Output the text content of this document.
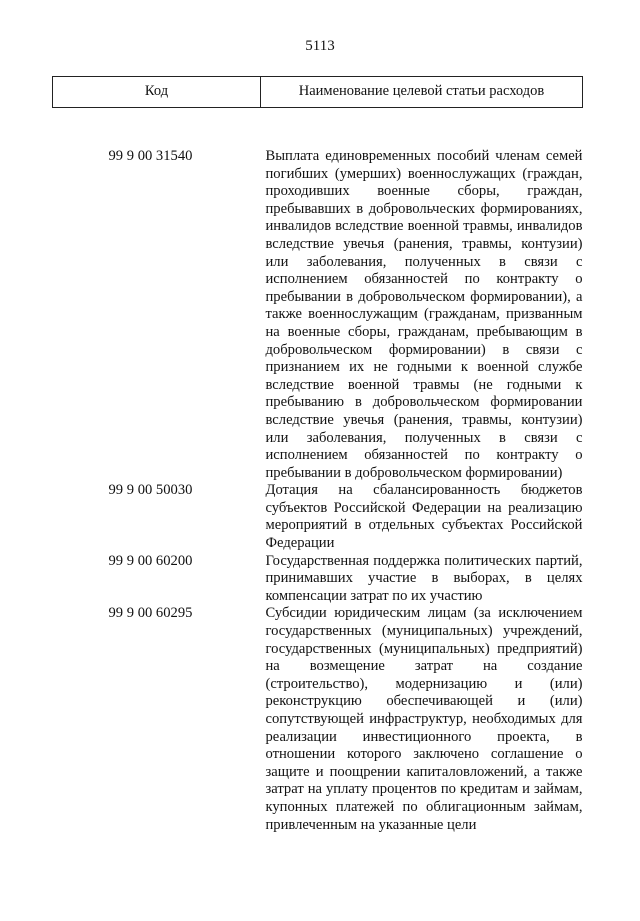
5113
Код	Наименование целевой статьи расходов

99 9 00 31540	Выплата единовременных пособий членам семей погибших (умерших) военнослужащих (граждан, проходивших военные сборы, граждан, пребывавших в добровольческих формированиях, инвалидов вследствие военной травмы, инвалидов вследствие увечья (ранения, травмы, контузии) или заболевания, полученных в связи с исполнением обязанностей по контракту о пребывании в добровольческом формировании), а также военнослужащим (гражданам, призванным на военные сборы, гражданам, пребывающим в добровольческом формировании) в связи с признанием их не годными к военной службе вследствие военной травмы (не годными к пребыванию в добровольческом формировании вследствие увечья (ранения, травмы, контузии) или заболевания, полученных в связи с исполнением обязанностей по контракту о пребывании в добровольческом формировании)
99 9 00 50030	Дотация на сбалансированность бюджетов субъектов Российской Федерации на реализацию мероприятий в отдельных субъектах Российской Федерации
99 9 00 60200	Государственная поддержка политических партий, принимавших участие в выборах, в целях компенсации затрат по их участию
99 9 00 60295	Субсидии юридическим лицам (за исключением государственных (муниципальных) учреждений, государственных (муниципальных) предприятий) на возмещение затрат на создание (строительство), модернизацию и (или) реконструкцию обеспечивающей и (или) сопутствующей инфраструктур, необходимых для реализации инвестиционного проекта, в отношении которого заключено соглашение о защите и поощрении капиталовложений, а также затрат на уплату процентов по кредитам и займам, купонных платежей по облигационным займам, привлеченным на указанные цели
